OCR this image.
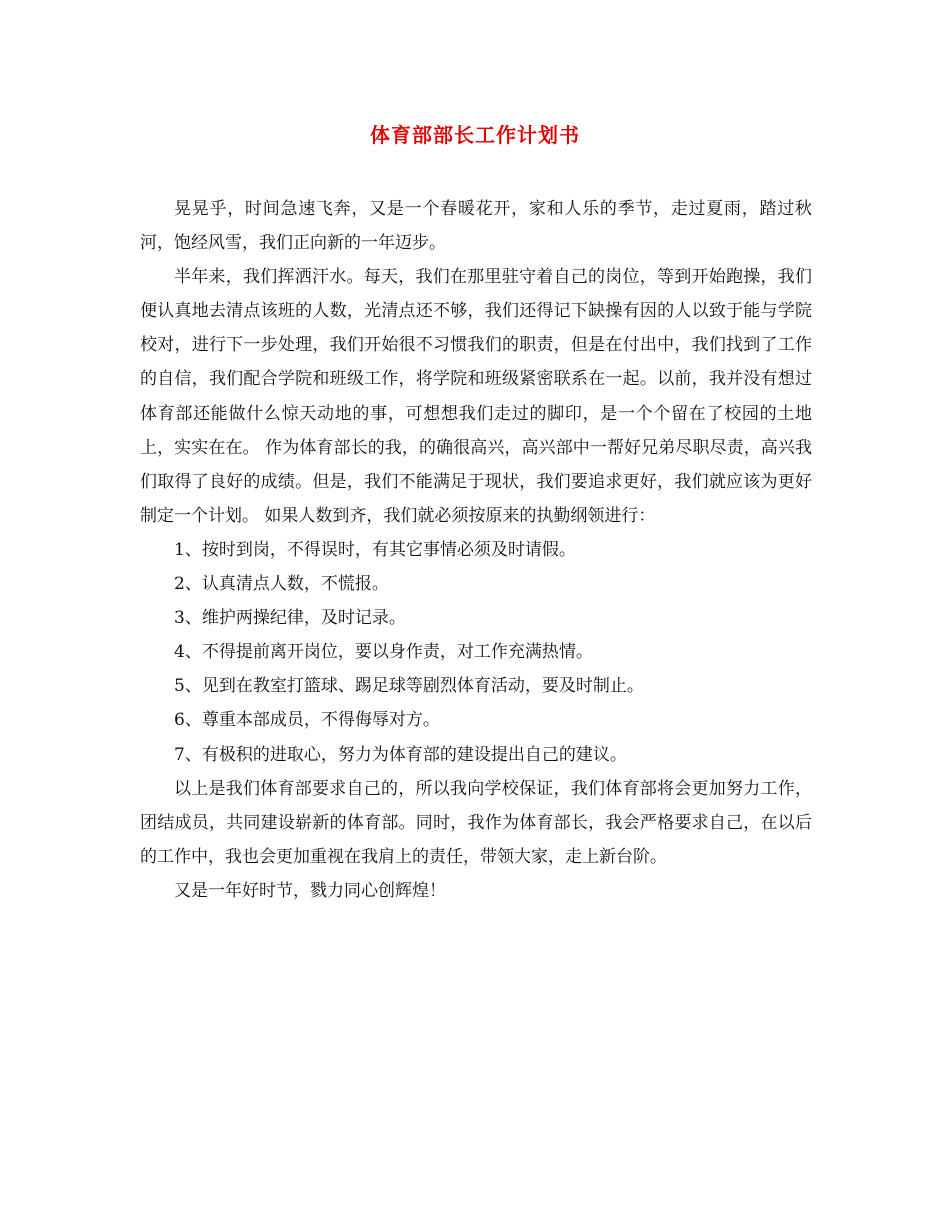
体育部部长工作计划书

晃晃乎，时间急速飞奔，又是一个春暖花开，家和人乐的季节，走过夏雨，踏过秋河，饱经风雪，我们正向新的一年迈步。

半年来，我们挥洒汗水。每天，我们在那里驻守着自己的岗位，等到开始跑操，我们便认真地去清点该班的人数，光清点还不够，我们还得记下缺操有因的人以致于能与学院校对，进行下一步处理，我们开始很不习惯我们的职责，但是在付出中，我们找到了工作的自信，我们配合学院和班级工作，将学院和班级紧密联系在一起。以前，我并没有想过体育部还能做什么惊天动地的事，可想想我们走过的脚印，是一个个留在了校园的土地上，实实在在。 作为体育部长的我，的确很高兴，高兴部中一帮好兄弟尽职尽责，高兴我们取得了良好的成绩。但是，我们不能满足于现状，我们要追求更好，我们就应该为更好制定一个计划。 如果人数到齐，我们就必须按原来的执勤纲领进行：

1、按时到岗，不得误时，有其它事情必须及时请假。

2、认真清点人数，不慌报。

3、维护两操纪律，及时记录。

4、不得提前离开岗位，要以身作责，对工作充满热情。

5、见到在教室打篮球、踢足球等剧烈体育活动，要及时制止。

6、尊重本部成员，不得侮辱对方。

7、有极积的进取心，努力为体育部的建设提出自己的建议。

以上是我们体育部要求自己的，所以我向学校保证，我们体育部将会更加努力工作，团结成员，共同建设崭新的体育部。同时，我作为体育部长，我会严格要求自己，在以后的工作中，我也会更加重视在我肩上的责任，带领大家，走上新台阶。

又是一年好时节，戮力同心创辉煌！
